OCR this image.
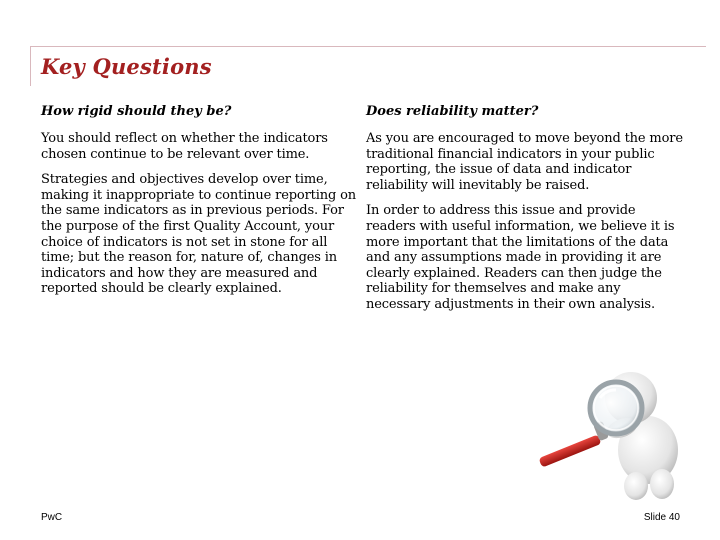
Key Questions
How rigid should they be?

You should reflect on whether the indicators chosen continue to be relevant over time.

Strategies and objectives develop over time, making it inappropriate to continue reporting on the same indicators as in previous periods. For the purpose of the first Quality Account, your choice of indicators is not set in stone for all time; but the reason for, nature of, changes in indicators and how they are measured and reported should be clearly explained.

Does reliability matter?

As you are encouraged to move beyond the more traditional financial indicators in your public reporting, the issue of data and indicator reliability will inevitably be raised.

In order to address this issue and provide readers with useful information, we believe it is more important that the limitations of the data and any assumptions made in providing it are clearly explained. Readers can then judge the reliability for themselves and make any necessary adjustments in their own analysis.

PwC	Slide 40
